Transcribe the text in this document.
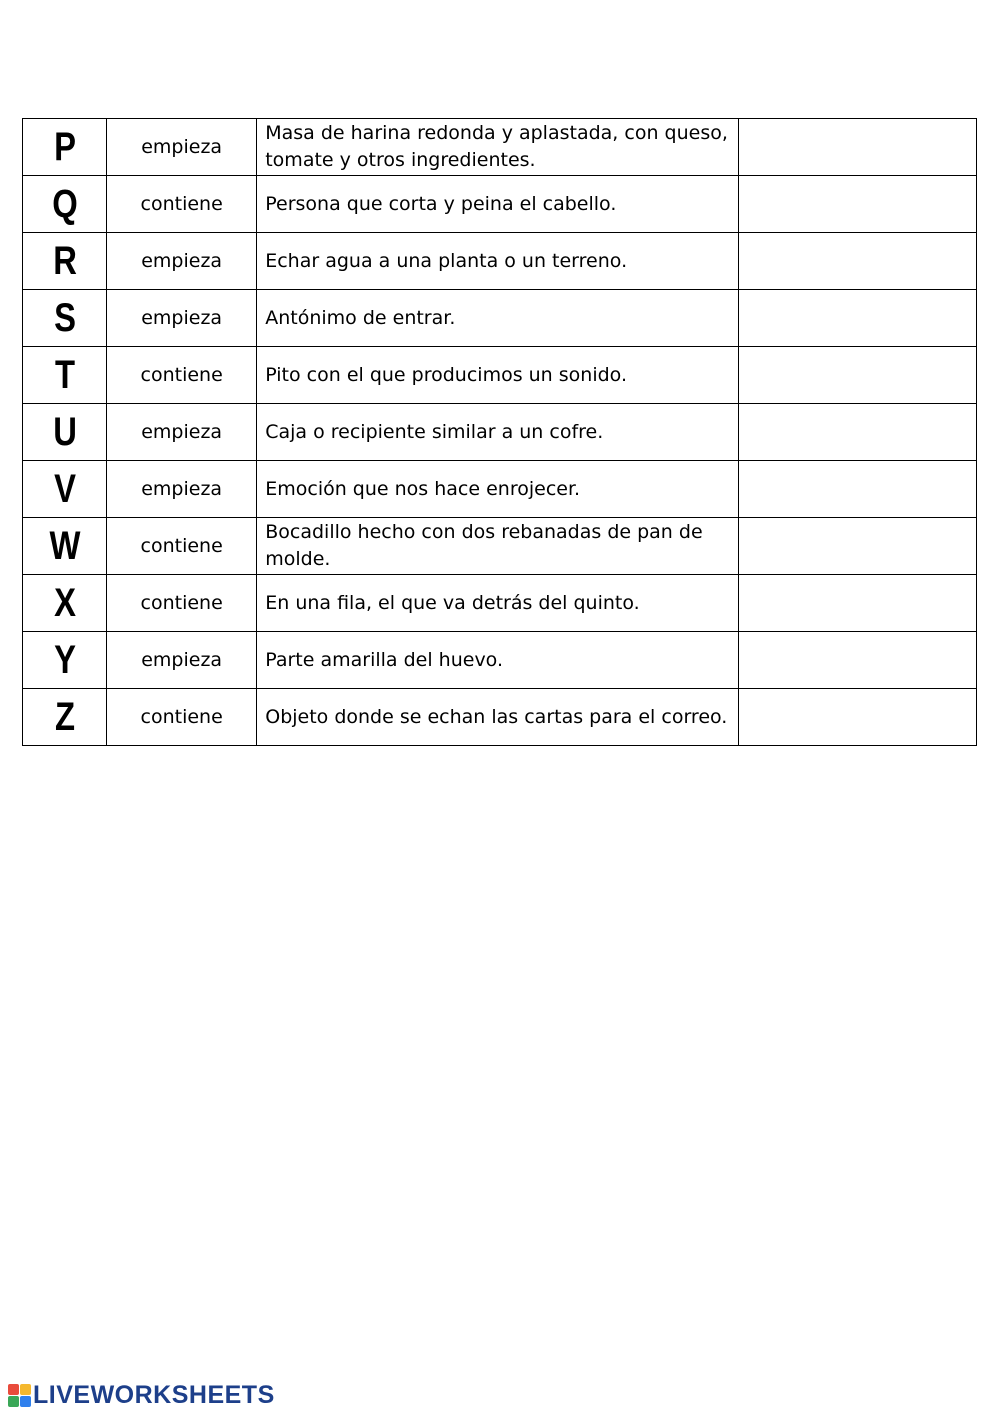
P	empieza	Masa de harina redonda y aplastada, con queso, tomate y otros ingredientes.	
Q	contiene	Persona que corta y peina el cabello.	
R	empieza	Echar agua a una planta o un terreno.	
S	empieza	Antónimo de entrar.	
T	contiene	Pito con el que producimos un sonido.	
U	empieza	Caja o recipiente similar a un cofre.	
V	empieza	Emoción que nos hace enrojecer.	
W	contiene	Bocadillo hecho con dos rebanadas de pan de molde.	
X	contiene	En una fila, el que va detrás del quinto.	
Y	empieza	Parte amarilla del huevo.	
Z	contiene	Objeto donde se echan las cartas para el correo.	
LIVEWORKSHEETS
